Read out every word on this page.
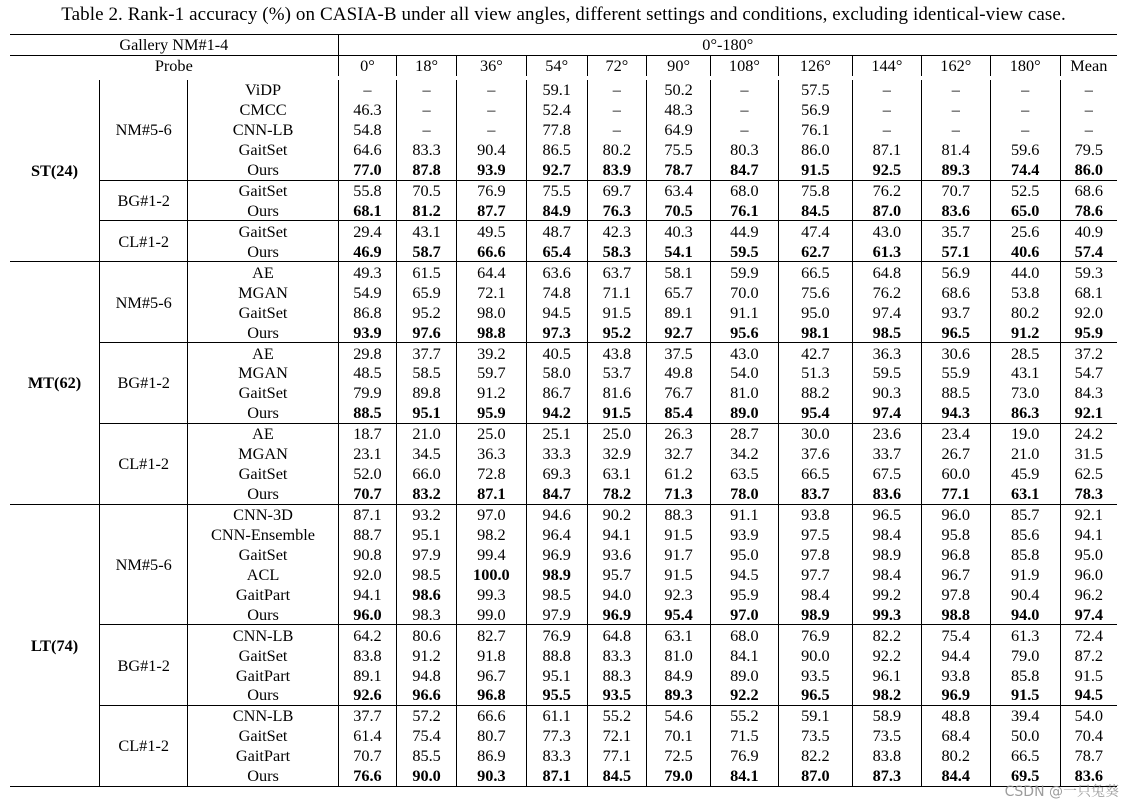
Table 2. Rank-1 accuracy (%) on CASIA-B under all view angles, different settings and conditions, excluding identical-view case.
Gallery NM#1-4			0°-180°											
Probe			0°	18°	36°	54°	72°	90°	108°	126°	144°	162°	180°	Mean
ST(24)	NM#5-6	ViDP	–	–	–	59.1	–	50.2	–	57.5	–	–	–	–
		CMCC	46.3	–	–	52.4	–	48.3	–	56.9	–	–	–	–
		CNN-LB	54.8	–	–	77.8	–	64.9	–	76.1	–	–	–	–
		GaitSet	64.6	83.3	90.4	86.5	80.2	75.5	80.3	86.0	87.1	81.4	59.6	79.5
		Ours	77.0	87.8	93.9	92.7	83.9	78.7	84.7	91.5	92.5	89.3	74.4	86.0
	BG#1-2	GaitSet	55.8	70.5	76.9	75.5	69.7	63.4	68.0	75.8	76.2	70.7	52.5	68.6
		Ours	68.1	81.2	87.7	84.9	76.3	70.5	76.1	84.5	87.0	83.6	65.0	78.6
	CL#1-2	GaitSet	29.4	43.1	49.5	48.7	42.3	40.3	44.9	47.4	43.0	35.7	25.6	40.9
		Ours	46.9	58.7	66.6	65.4	58.3	54.1	59.5	62.7	61.3	57.1	40.6	57.4
MT(62)	NM#5-6	AE	49.3	61.5	64.4	63.6	63.7	58.1	59.9	66.5	64.8	56.9	44.0	59.3
		MGAN	54.9	65.9	72.1	74.8	71.1	65.7	70.0	75.6	76.2	68.6	53.8	68.1
		GaitSet	86.8	95.2	98.0	94.5	91.5	89.1	91.1	95.0	97.4	93.7	80.2	92.0
		Ours	93.9	97.6	98.8	97.3	95.2	92.7	95.6	98.1	98.5	96.5	91.2	95.9
	BG#1-2	AE	29.8	37.7	39.2	40.5	43.8	37.5	43.0	42.7	36.3	30.6	28.5	37.2
		MGAN	48.5	58.5	59.7	58.0	53.7	49.8	54.0	51.3	59.5	55.9	43.1	54.7
		GaitSet	79.9	89.8	91.2	86.7	81.6	76.7	81.0	88.2	90.3	88.5	73.0	84.3
		Ours	88.5	95.1	95.9	94.2	91.5	85.4	89.0	95.4	97.4	94.3	86.3	92.1
	CL#1-2	AE	18.7	21.0	25.0	25.1	25.0	26.3	28.7	30.0	23.6	23.4	19.0	24.2
		MGAN	23.1	34.5	36.3	33.3	32.9	32.7	34.2	37.6	33.7	26.7	21.0	31.5
		GaitSet	52.0	66.0	72.8	69.3	63.1	61.2	63.5	66.5	67.5	60.0	45.9	62.5
		Ours	70.7	83.2	87.1	84.7	78.2	71.3	78.0	83.7	83.6	77.1	63.1	78.3
LT(74)	NM#5-6	CNN-3D	87.1	93.2	97.0	94.6	90.2	88.3	91.1	93.8	96.5	96.0	85.7	92.1
		CNN-Ensemble	88.7	95.1	98.2	96.4	94.1	91.5	93.9	97.5	98.4	95.8	85.6	94.1
		GaitSet	90.8	97.9	99.4	96.9	93.6	91.7	95.0	97.8	98.9	96.8	85.8	95.0
		ACL	92.0	98.5	100.0	98.9	95.7	91.5	94.5	97.7	98.4	96.7	91.9	96.0
		GaitPart	94.1	98.6	99.3	98.5	94.0	92.3	95.9	98.4	99.2	97.8	90.4	96.2
		Ours	96.0	98.3	99.0	97.9	96.9	95.4	97.0	98.9	99.3	98.8	94.0	97.4
	BG#1-2	CNN-LB	64.2	80.6	82.7	76.9	64.8	63.1	68.0	76.9	82.2	75.4	61.3	72.4
		GaitSet	83.8	91.2	91.8	88.8	83.3	81.0	84.1	90.0	92.2	94.4	79.0	87.2
		GaitPart	89.1	94.8	96.7	95.1	88.3	84.9	89.0	93.5	96.1	93.8	85.8	91.5
		Ours	92.6	96.6	96.8	95.5	93.5	89.3	92.2	96.5	98.2	96.9	91.5	94.5
	CL#1-2	CNN-LB	37.7	57.2	66.6	61.1	55.2	54.6	55.2	59.1	58.9	48.8	39.4	54.0
		GaitSet	61.4	75.4	80.7	77.3	72.1	70.1	71.5	73.5	73.5	68.4	50.0	70.4
		GaitPart	70.7	85.5	86.9	83.3	77.1	72.5	76.9	82.2	83.8	80.2	66.5	78.7
		Ours	76.6	90.0	90.3	87.1	84.5	79.0	84.1	87.0	87.3	84.4	69.5	83.6
CSDN @一只兔葵
